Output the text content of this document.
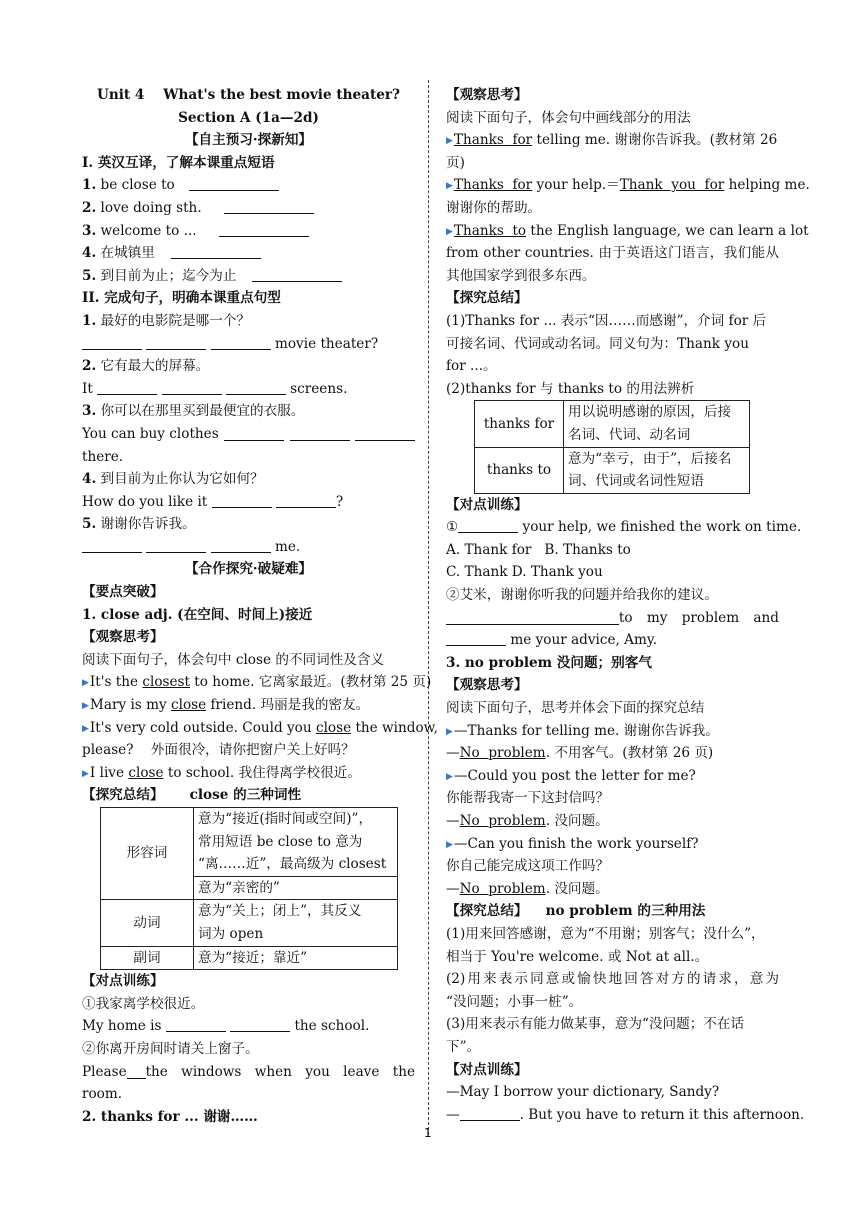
Unit 4    What's the best movie theater?
Section A (1a—2d)
【自主预习·探新知】
I. 英汉互译，了解本课重点短语
1. be close to
2. love doing sth.
3. welcome to ...
4. 在城镇里
5. 到目前为止；迄今为止
II. 完成句子，明确本课重点句型
1. 最好的电影院是哪一个？
movie theater?
2. 它有最大的屏幕。
It	screens.
3. 你可以在那里买到最便宜的衣服。
You can buy clothes
there.
4. 到目前为止你认为它如何？
How do you like it	?
5. 谢谢你告诉我。
me.
【合作探究·破疑难】
【要点突破】
1. close adj. (在空间、时间上)接近
【观察思考】
阅读下面句子，体会句中 close 的不同词性及含义
▶It's the closest to home. 它离家最近。(教材第 25 页)
▶Mary is my close friend. 玛丽是我的密友。
▶It's very cold outside. Could you close the window,
please?    外面很冷，请你把窗户关上好吗？
▶I live close to school. 我住得离学校很近。
【探究总结】 close 的三种词性
形容词	意为“接近(指时间或空间)”，
常用短语 be close to 意为
“离……近”，最高级为 closest

	意为“亲密的”
动词	意为“关上；闭上”，其反义
词为 open

副词	意为“接近；靠近”
【对点训练】
①我家离学校很近。
My home is	the school.
②你离开房间时请关上窗子。
Please the windows when you leave the
room.
2. thanks for ... 谢谢……
【观察思考】
阅读下面句子，体会句中画线部分的用法
▶Thanks  for telling me. 谢谢你告诉我。(教材第 26
页)
▶Thanks  for your help.＝Thank  you  for helping me.
谢谢你的帮助。
▶Thanks  to the English language, we can learn a lot
from other countries. 由于英语这门语言，我们能从
其他国家学到很多东西。
【探究总结】
(1)Thanks for ... 表示“因……而感谢”，介词 for 后
可接名词、代词或动名词。同义句为：Thank you
for ...。
(2)thanks for 与 thanks to 的用法辨析
thanks for	用以说明感谢的原因，后接
名词、代词、动名词

thanks to	意为“幸亏，由于”，后接名
词、代词或名词性短语
【对点训练】
①	your help, we finished the work on time.
A. Thank for   B. Thanks to
C. Thank D. Thank you
②艾米，谢谢你听我的问题并给我你的建议。
to my problem and
me your advice, Amy.
3. no problem 没问题；别客气
【观察思考】
阅读下面句子，思考并体会下面的探究总结
▶—Thanks for telling me. 谢谢你告诉我。
—No  problem. 不用客气。(教材第 26 页)
▶—Could you post the letter for me?
你能帮我寄一下这封信吗？
—No  problem. 没问题。
▶—Can you finish the work yourself?
你自己能完成这项工作吗？
—No  problem. 没问题。
【探究总结】 no problem 的三种用法
(1)用来回答感谢，意为“不用谢；别客气；没什么”，
相当于 You're welcome. 或 Not at all.。
(2)用来表示同意或愉快地回答对方的请求，意为
“没问题；小事一桩”。
(3)用来表示有能力做某事，意为“没问题；不在话
下”。
【对点训练】
—May I borrow your dictionary, Sandy?
—	. But you have to return it this afternoon.
1
